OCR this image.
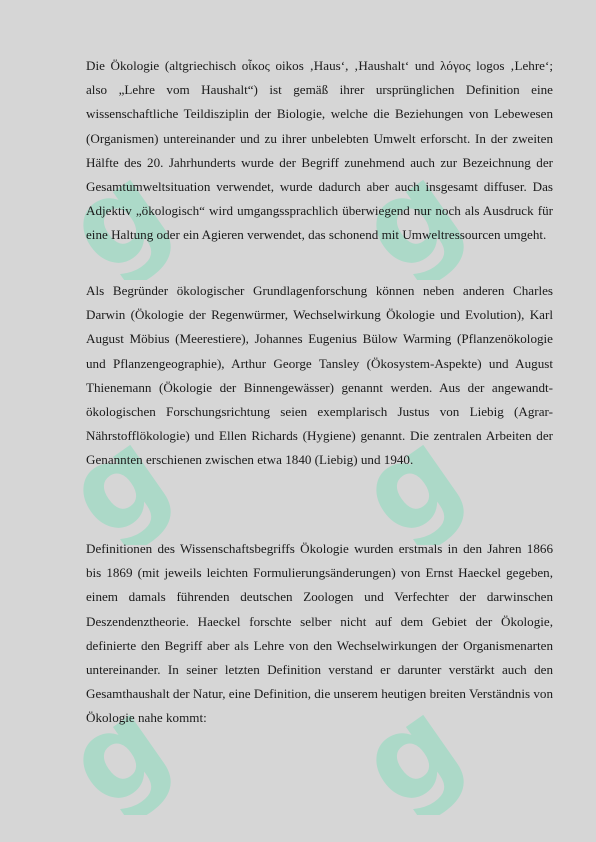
g g
g g
g g

Die Ökologie (altgriechisch οἶκος oikos ‚Haus‘, ‚Haushalt‘ und λόγος logos ‚Lehre‘; also „Lehre vom Haushalt“) ist gemäß ihrer ursprünglichen Definition eine wissenschaftliche Teildisziplin der Biologie, welche die Beziehungen von Lebewesen (Organismen) untereinander und zu ihrer unbelebten Umwelt erforscht. In der zweiten Hälfte des 20. Jahrhunderts wurde der Begriff zunehmend auch zur Bezeichnung der Gesamtumweltsituation verwendet, wurde dadurch aber auch insgesamt diffuser. Das Adjektiv „ökologisch“ wird umgangssprachlich überwiegend nur noch als Ausdruck für eine Haltung oder ein Agieren verwendet, das schonend mit Umweltressourcen umgeht.

Als Begründer ökologischer Grundlagenforschung können neben anderen Charles Darwin (Ökologie der Regenwürmer, Wechselwirkung Ökologie und Evolution), Karl August Möbius (Meerestiere), Johannes Eugenius Bülow Warming (Pflanzenökologie und Pflanzengeographie), Arthur George Tansley (Ökosystem-Aspekte) und August Thienemann (Ökologie der Binnengewässer) genannt werden. Aus der angewandt-ökologischen Forschungsrichtung seien exemplarisch Justus von Liebig (Agrar-Nährstofflökologie) und Ellen Richards (Hygiene) genannt. Die zentralen Arbeiten der Genannten erschienen zwischen etwa 1840 (Liebig) und 1940.

Definitionen des Wissenschaftsbegriffs Ökologie wurden erstmals in den Jahren 1866 bis 1869 (mit jeweils leichten Formulierungsänderungen) von Ernst Haeckel gegeben, einem damals führenden deutschen Zoologen und Verfechter der darwinschen Deszendenztheorie. Haeckel forschte selber nicht auf dem Gebiet der Ökologie, definierte den Begriff aber als Lehre von den Wechselwirkungen der Organismenarten untereinander. In seiner letzten Definition verstand er darunter verstärkt auch den Gesamthaushalt der Natur, eine Definition, die unserem heutigen breiten Verständnis von Ökologie nahe kommt:
